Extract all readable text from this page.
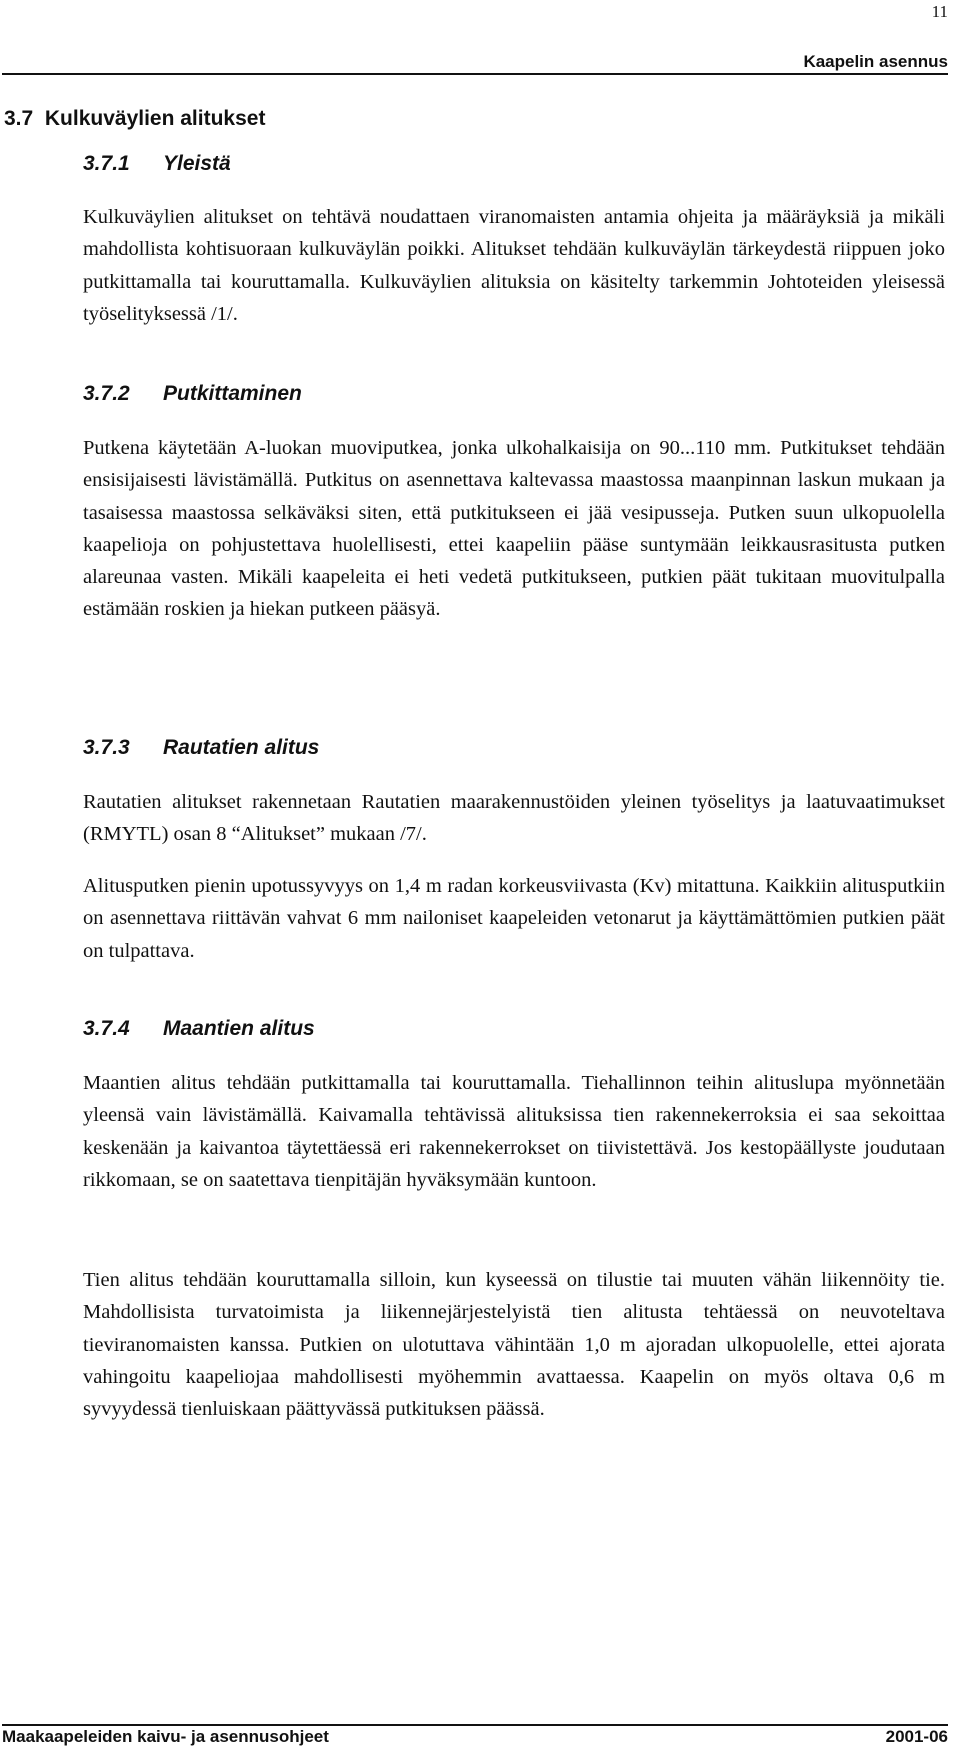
11
Kaapelin asennus
3.7 Kulkuväylien alitukset
3.7.1 Yleistä

Kulkuväylien alitukset on tehtävä noudattaen viranomaisten antamia ohjeita ja määräyksiä ja mikäli mahdollista kohtisuoraan kulkuväylän poikki. Alitukset tehdään kulkuväylän tärkeydestä riippuen joko putkittamalla tai kouruttamalla. Kulkuväylien alituksia on käsitelty tarkemmin Johtoteiden yleisessä työselityksessä /1/.

3.7.2 Putkittaminen

Putkena käytetään A-luokan muoviputkea, jonka ulkohalkaisija on 90...110 mm. Putkitukset tehdään ensisijaisesti lävistämällä. Putkitus on asennettava kaltevassa maastossa maanpinnan laskun mukaan ja tasaisessa maastossa selkäväksi siten, että putkitukseen ei jää vesipusseja. Putken suun ulkopuolella kaapelioja on pohjustettava huolellisesti, ettei kaapeliin pääse suntymään leikkausrasitusta putken alareunaa vasten. Mikäli kaapeleita ei heti vedetä putkitukseen, putkien päät tukitaan muovitulpalla estämään roskien ja hiekan putkeen pääsyä.

3.7.3 Rautatien alitus

Rautatien alitukset rakennetaan Rautatien maarakennustöiden yleinen työselitys ja laatuvaatimukset (RMYTL) osan 8 “Alitukset” mukaan /7/.

Alitusputken pienin upotussyvyys on 1,4 m radan korkeusviivasta (Kv) mitattuna. Kaikkiin alitusputkiin on asennettava riittävän vahvat 6 mm nailoniset kaapeleiden vetonarut ja käyttämättömien putkien päät on tulpattava.

3.7.4 Maantien alitus

Maantien alitus tehdään putkittamalla tai kouruttamalla. Tiehallinnon teihin alituslupa myönnetään yleensä vain lävistämällä. Kaivamalla tehtävissä alituksissa tien rakennekerroksia ei saa sekoittaa keskenään ja kaivantoa täytettäessä eri rakennekerrokset on tiivistettävä. Jos kestopäällyste joudutaan rikkomaan, se on saatettava tienpitäjän hyväksymään kuntoon.

Tien alitus tehdään kouruttamalla silloin, kun kyseessä on tilustie tai muuten vähän liikennöity tie. Mahdollisista turvatoimista ja liikennejärjestelyistä tien alitusta tehtäessä on neuvoteltava tieviranomaisten kanssa. Putkien on ulotuttava vähintään 1,0 m ajoradan ulkopuolelle, ettei ajorata vahingoitu kaapeliojaa mahdollisesti myöhemmin avattaessa. Kaapelin on myös oltava 0,6 m syvyydessä tienluiskaan päättyvässä putkituksen päässä.

Maakaapeleiden kaivu- ja asennusohjeet	2001-06
